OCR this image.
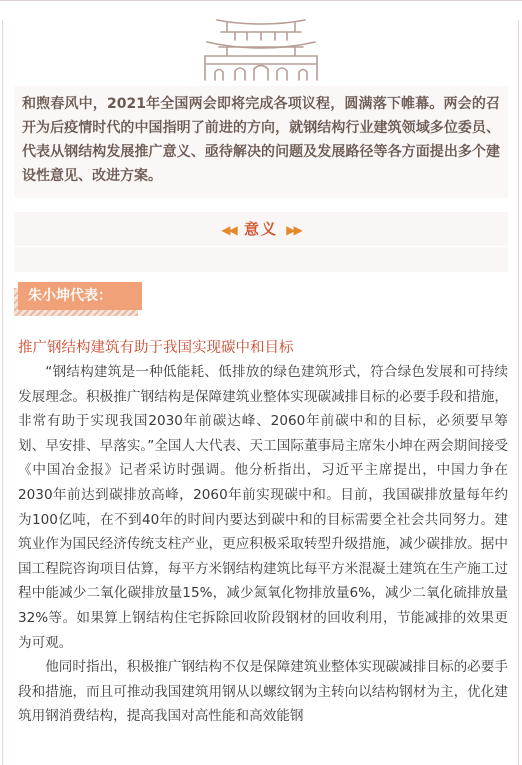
和煦春风中，2021年全国两会即将完成各项议程，圆满落下帷幕。两会的召开为后疫情时代的中国指明了前进的方向，就钢结构行业建筑领域多位委员、代表从钢结构发展推广意义、亟待解决的问题及发展路径等各方面提出多个建设性意见、改进方案。

◀◀ 意义 ▶▶
朱小坤代表：
推广钢结构建筑有助于我国实现碳中和目标

“钢结构建筑是一种低能耗、低排放的绿色建筑形式，符合绿色发展和可持续发展理念。积极推广钢结构是保障建筑业整体实现碳减排目标的必要手段和措施，非常有助于实现我国2030年前碳达峰、2060年前碳中和的目标，必须要早筹划、早安排、早落实。”全国人大代表、天工国际董事局主席朱小坤在两会期间接受《中国冶金报》记者采访时强调。他分析指出，习近平主席提出，中国力争在2030年前达到碳排放高峰，2060年前实现碳中和。目前，我国碳排放量每年约为100亿吨，在不到40年的时间内要达到碳中和的目标需要全社会共同努力。建筑业作为国民经济传统支柱产业，更应积极采取转型升级措施，减少碳排放。据中国工程院咨询项目估算，每平方米钢结构建筑比每平方米混凝土建筑在生产施工过程中能减少二氧化碳排放量15%，减少氮氧化物排放量6%，减少二氧化硫排放量32%等。如果算上钢结构住宅拆除回收阶段钢材的回收利用，节能减排的效果更为可观。

他同时指出，积极推广钢结构不仅是保障建筑业整体实现碳减排目标的必要手段和措施，而且可推动我国建筑用钢从以螺纹钢为主转向以结构钢材为主，优化建筑用钢消费结构，提高我国对高性能和高效能钢
